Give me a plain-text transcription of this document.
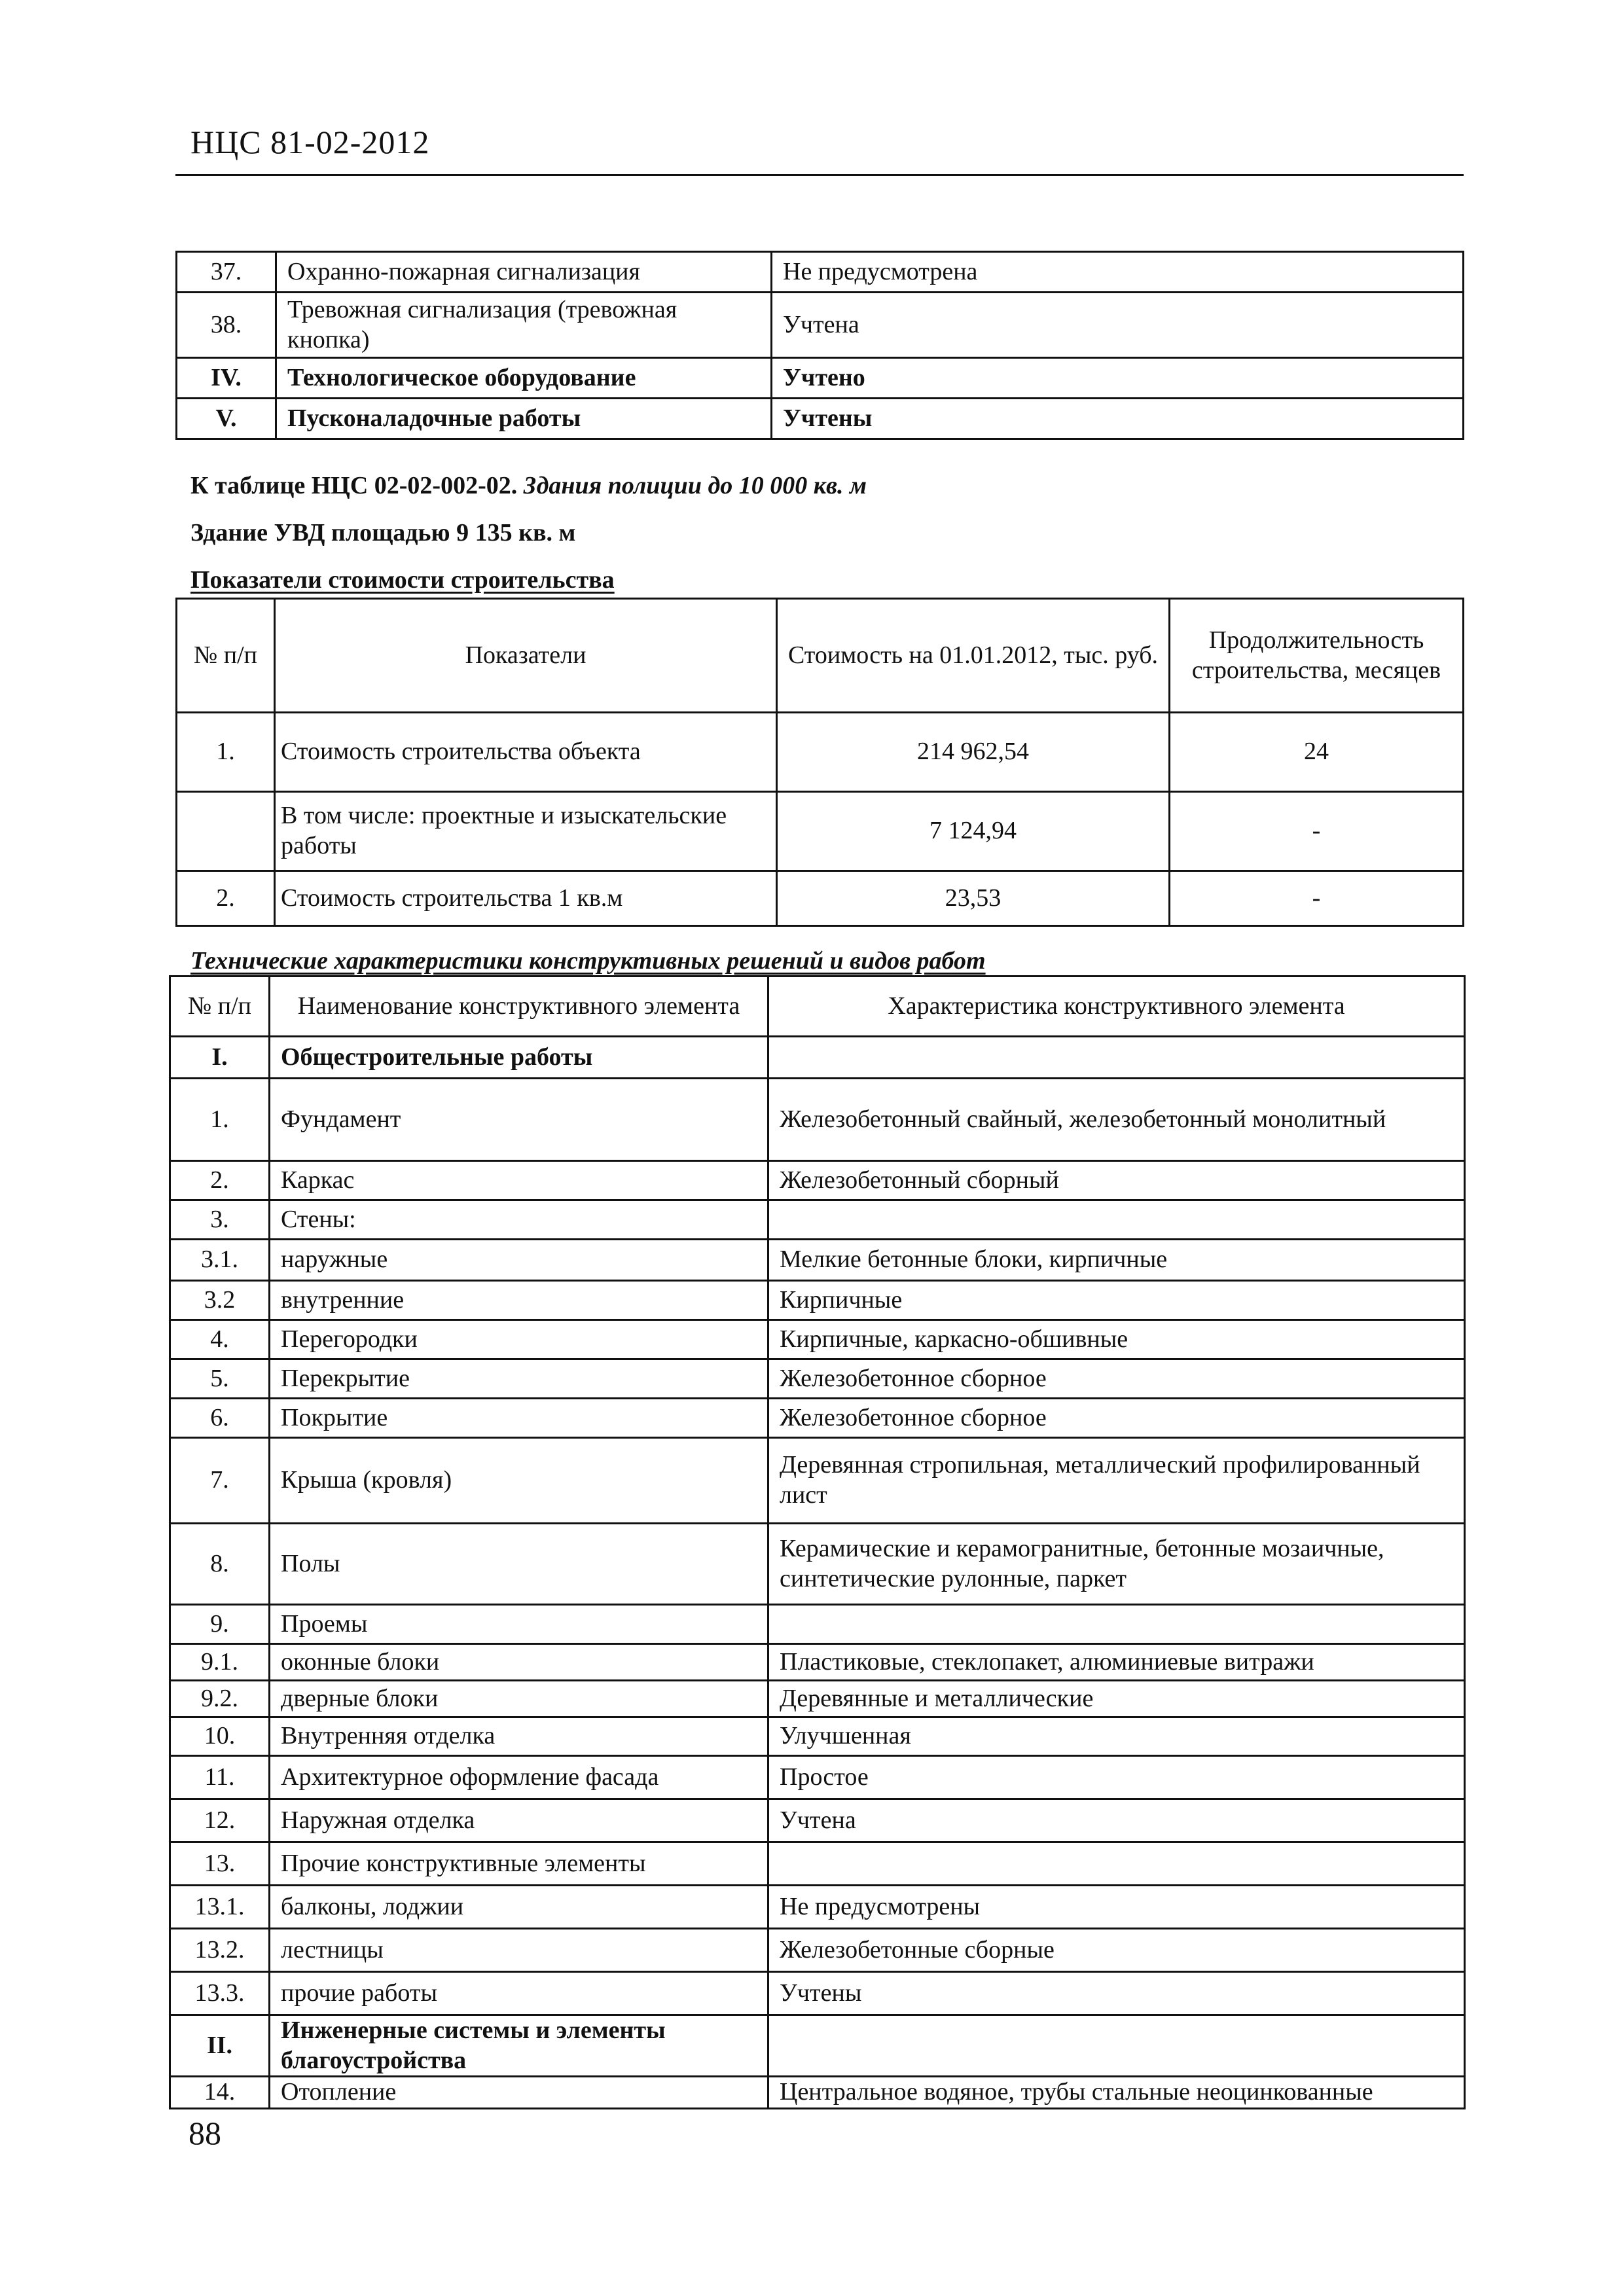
НЦС 81-02-2012
37.	Охранно-пожарная сигнализация	Не предусмотрена
38.	Тревожная сигнализация (тревожная кнопка)	Учтена
IV.	Технологическое оборудование	Учтено
V.	Пусконаладочные работы	Учтены
К таблице НЦС 02-02-002-02. Здания полиции до 10 000 кв. м
Здание УВД площадью 9 135 кв. м
Показатели стоимости строительства
№ п/п	Показатели	Стоимость на 01.01.2012, тыс. руб.	Продолжительность строительства, месяцев
1.	Стоимость строительства объекта	214 962,54	24
	В том числе: проектные и изыскательские работы	7 124,94	-
2.	Стоимость строительства 1 кв.м	23,53	-
Технические характеристики конструктивных решений и видов работ
№ п/п	Наименование конструктивного элемента	Характеристика конструктивного элемента
I.	Общестроительные работы	
1.	Фундамент	Железобетонный свайный, железобетонный монолитный
2.	Каркас	Железобетонный сборный
3.	Стены:	
3.1.	наружные	Мелкие бетонные блоки, кирпичные
3.2	внутренние	Кирпичные
4.	Перегородки	Кирпичные, каркасно-обшивные
5.	Перекрытие	Железобетонное сборное
6.	Покрытие	Железобетонное сборное
7.	Крыша (кровля)	Деревянная стропильная, металлический профилированный лист
8.	Полы	Керамические и керамогранитные, бетонные мозаичные, синтетические рулонные, паркет
9.	Проемы	
9.1.	оконные блоки	Пластиковые, стеклопакет, алюминиевые витражи
9.2.	дверные блоки	Деревянные и металлические
10.	Внутренняя отделка	Улучшенная
11.	Архитектурное оформление фасада	Простое
12.	Наружная отделка	Учтена
13.	Прочие конструктивные элементы	
13.1.	балконы, лоджии	Не предусмотрены
13.2.	лестницы	Железобетонные сборные
13.3.	прочие работы	Учтены
II.	Инженерные системы и элементы благоустройства	
14.	Отопление	Центральное водяное, трубы стальные неоцинкованные
88
